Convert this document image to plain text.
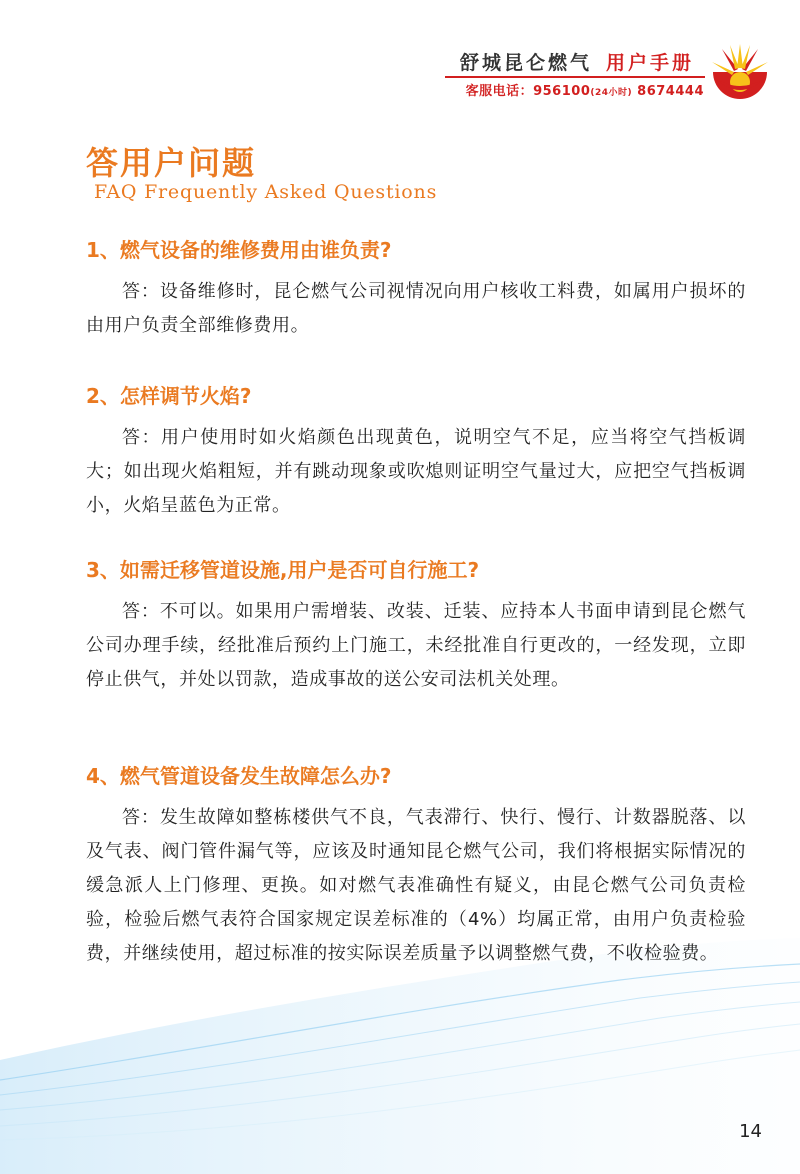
舒城昆仑燃气 用户手册
客服电话：956100(24小时) 8674444
答用户问题
FAQ Frequently Asked Questions
1、燃气设备的维修费用由谁负责?
答：设备维修时，昆仑燃气公司视情况向用户核收工料费，如属用户损坏的由用户负责全部维修费用。
2、怎样调节火焰?
答：用户使用时如火焰颜色出现黄色，说明空气不足，应当将空气挡板调大；如出现火焰粗短，并有跳动现象或吹熄则证明空气量过大，应把空气挡板调小，火焰呈蓝色为正常。
3、如需迁移管道设施,用户是否可自行施工?
答：不可以。如果用户需增装、改装、迁装、应持本人书面申请到昆仑燃气公司办理手续，经批准后预约上门施工，未经批准自行更改的，一经发现，立即停止供气，并处以罚款，造成事故的送公安司法机关处理。
4、燃气管道设备发生故障怎么办?
答：发生故障如整栋楼供气不良，气表滞行、快行、慢行、计数器脱落、以及气表、阀门管件漏气等，应该及时通知昆仑燃气公司，我们将根据实际情况的缓急派人上门修理、更换。如对燃气表准确性有疑义，由昆仑燃气公司负责检验，检验后燃气表符合国家规定误差标准的（4%）均属正常，由用户负责检验费，并继续使用，超过标准的按实际误差质量予以调整燃气费，不收检验费。
14
